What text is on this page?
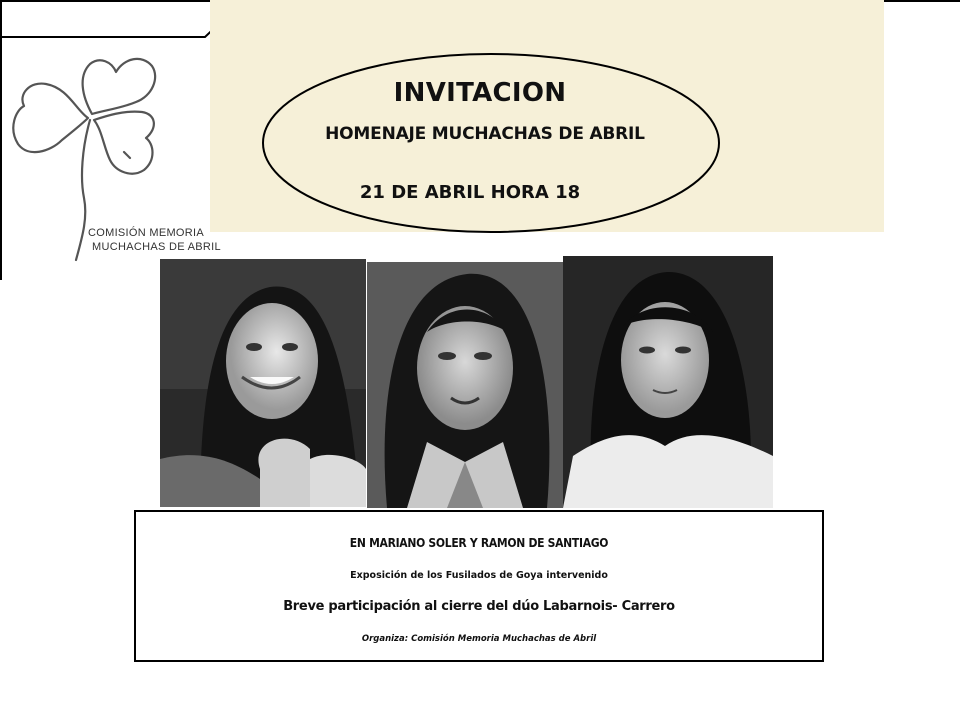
INVITACION
HOMENAJE MUCHACHAS DE ABRIL
21 DE ABRIL HORA 18
COMISIÓN MEMORIA
MUCHACHAS DE ABRIL
EN MARIANO SOLER Y RAMON DE SANTIAGO
Exposición de los Fusilados de Goya intervenido
Breve participación al cierre del dúo Labarnois- Carrero
Organiza: Comisión Memoria Muchachas de Abril
